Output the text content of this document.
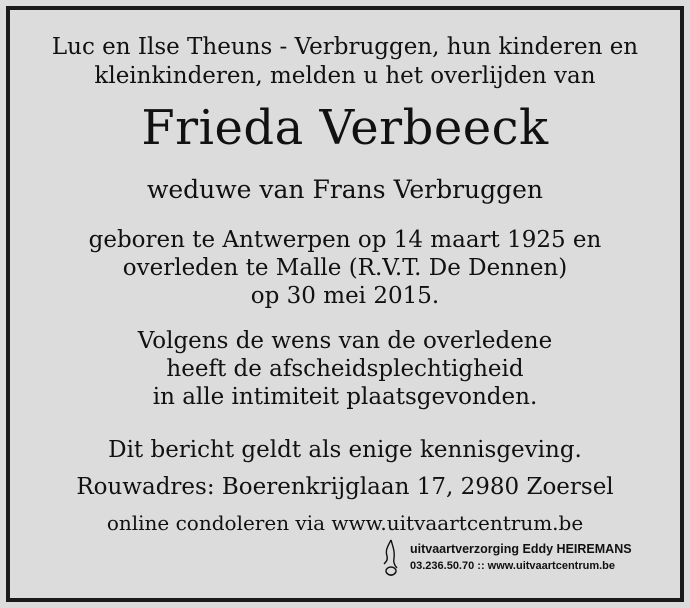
Luc en Ilse Theuns - Verbruggen, hun kinderen en
kleinkinderen, melden u het overlijden van
Frieda Verbeeck
weduwe van Frans Verbruggen
geboren te Antwerpen op 14 maart 1925 en
overleden te Malle (R.V.T. De Dennen)
op 30 mei 2015.
Volgens de wens van de overledene
heeft de afscheidsplechtigheid
in alle intimiteit plaatsgevonden.
Dit bericht geldt als enige kennisgeving.
Rouwadres: Boerenkrijglaan 17, 2980 Zoersel
online condoleren via www.uitvaartcentrum.be
uitvaartverzorging Eddy HEIREMANS
03.236.50.70 :: www.uitvaartcentrum.be
